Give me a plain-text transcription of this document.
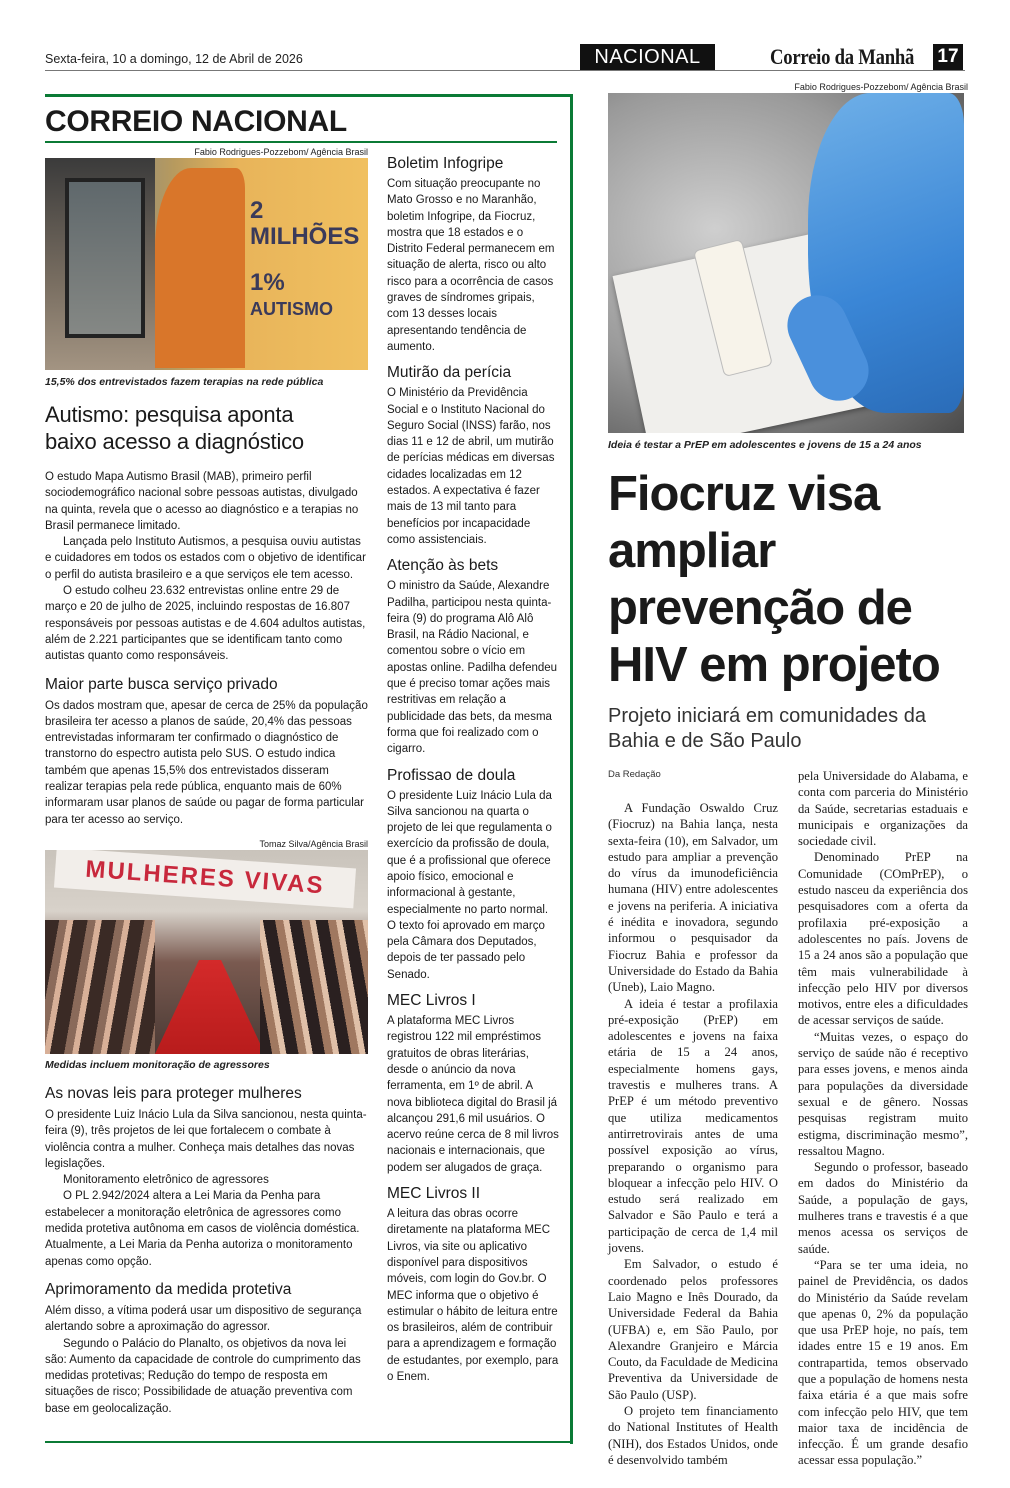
Sexta-feira, 10 a domingo, 12 de Abril de 2026	NACIONAL	Correio da Manhã 17
CORREIO NACIONAL
Fabio Rodrigues-Pozzebom/ Agência Brasil
2 MILHÕES
1%
AUTISMO
15,5% dos entrevistados fazem terapias na rede pública
Autismo: pesquisa aponta baixo acesso a diagnóstico

O estudo Mapa Autismo Brasil (MAB), primeiro perfil sociodemográfico nacional sobre pessoas autistas, divulgado na quinta, revela que o acesso ao diagnóstico e a terapias no Brasil permanece limitado.

Lançada pelo Instituto Autismos, a pesquisa ouviu autistas e cuidadores em todos os estados com o objetivo de identificar o perfil do autista brasileiro e a que serviços ele tem acesso.

O estudo colheu 23.632 entrevistas online entre 29 de março e 20 de julho de 2025, incluindo respostas de 16.807 responsáveis por pessoas autistas e de 4.604 adultos autistas, além de 2.221 participantes que se identificam tanto como autistas quanto como responsáveis.

Maior parte busca serviço privado

Os dados mostram que, apesar de cerca de 25% da população brasileira ter acesso a planos de saúde, 20,4% das pessoas entrevistadas informaram ter confirmado o diagnóstico de transtorno do espectro autista pelo SUS. O estudo indica também que apenas 15,5% dos entrevistados disseram realizar terapias pela rede pública, enquanto mais de 60% informaram usar planos de saúde ou pagar de forma particular para ter acesso ao serviço.

Tomaz Silva/Agência Brasil
MULHERES VIVAS
Medidas incluem monitoração de agressores
As novas leis para proteger mulheres

O presidente Luiz Inácio Lula da Silva sancionou, nesta quinta-feira (9), três projetos de lei que fortalecem o combate à violência contra a mulher. Conheça mais detalhes das novas legislações.

Monitoramento eletrônico de agressores

O PL 2.942/2024 altera a Lei Maria da Penha para estabelecer a monitoração eletrônica de agressores como medida protetiva autônoma em casos de violência doméstica. Atualmente, a Lei Maria da Penha autoriza o monitoramento apenas como opção.

Aprimoramento da medida protetiva

Além disso, a vítima poderá usar um dispositivo de segurança alertando sobre a aproximação do agressor.

Segundo o Palácio do Planalto, os objetivos da nova lei são: Aumento da capacidade de controle do cumprimento das medidas protetivas; Redução do tempo de resposta em situações de risco; Possibilidade de atuação preventiva com base em geolocalização.

Boletim Infogripe

Com situação preocupante no Mato Grosso e no Maranhão, boletim Infogripe, da Fiocruz, mostra que 18 estados e o Distrito Federal permanecem em situação de alerta, risco ou alto risco para a ocorrência de casos graves de síndromes gripais, com 13 desses locais apresentando tendência de aumento.

Mutirão da perícia

O Ministério da Previdência Social e o Instituto Nacional do Seguro Social (INSS) farão, nos dias 11 e 12 de abril, um mutirão de perícias médicas em diversas cidades localizadas em 12 estados. A expectativa é fazer mais de 13 mil tanto para benefícios por incapacidade como assistenciais.

Atenção às bets

O ministro da Saúde, Alexandre Padilha, participou nesta quinta-feira (9) do programa Alô Alô Brasil, na Rádio Nacional, e comentou sobre o vício em apostas online. Padilha defendeu que é preciso tomar ações mais restritivas em relação a publicidade das bets, da mesma forma que foi realizado com o cigarro.

Profissao de doula

O presidente Luiz Inácio Lula da Silva sancionou na quarta o projeto de lei que regulamenta o exercício da profissão de doula, que é a profissional que oferece apoio físico, emocional e informacional à gestante, especialmente no parto normal. O texto foi aprovado em março pela Câmara dos Deputados, depois de ter passado pelo Senado.

MEC Livros I

A plataforma MEC Livros registrou 122 mil empréstimos gratuitos de obras literárias, desde o anúncio da nova ferramenta, em 1º de abril. A nova biblioteca digital do Brasil já alcançou 291,6 mil usuários. O acervo reúne cerca de 8 mil livros nacionais e internacionais, que podem ser alugados de graça.

MEC Livros II

A leitura das obras ocorre diretamente na plataforma MEC Livros, via site ou aplicativo disponível para dispositivos móveis, com login do Gov.br. O MEC informa que o objetivo é estimular o hábito de leitura entre os brasileiros, além de contribuir para a aprendizagem e formação de estudantes, por exemplo, para o Enem.

Fabio Rodrigues-Pozzebom/ Agência Brasil
Ideia é testar a PrEP em adolescentes e jovens de 15 a 24 anos
Fiocruz visa ampliar prevenção de HIV em projeto
Projeto iniciará em comunidades da Bahia e de São Paulo
Da Redação

A Fundação Oswaldo Cruz (Fiocruz) na Bahia lança, nesta sexta-feira (10), em Salvador, um estudo para ampliar a prevenção do vírus da imunodeficiência humana (HIV) entre adolescentes e jovens na periferia. A iniciativa é inédita e inovadora, segundo informou o pesquisador da Fiocruz Bahia e professor da Universidade do Estado da Bahia (Uneb), Laio Magno.

A ideia é testar a profilaxia pré-exposição (PrEP) em adolescentes e jovens na faixa etária de 15 a 24 anos, especialmente homens gays, travestis e mulheres trans. A PrEP é um método preventivo que utiliza medicamentos antirretrovirais antes de uma possível exposição ao vírus, preparando o organismo para bloquear a infecção pelo HIV. O estudo será realizado em Salvador e São Paulo e terá a participação de cerca de 1,4 mil jovens.

Em Salvador, o estudo é coordenado pelos professores Laio Magno e Inês Dourado, da Universidade Federal da Bahia (UFBA) e, em São Paulo, por Alexandre Granjeiro e Márcia Couto, da Faculdade de Medicina Preventiva da Universidade de São Paulo (USP).

O projeto tem financiamento do National Institutes of Health (NIH), dos Estados Unidos, onde é desenvolvido também

pela Universidade do Alabama, e conta com parceria do Ministério da Saúde, secretarias estaduais e municipais e organizações da sociedade civil.

Denominado PrEP na Comunidade (COmPrEP), o estudo nasceu da experiência dos pesquisadores com a oferta da profilaxia pré-exposição a adolescentes no país. Jovens de 15 a 24 anos são a população que têm mais vulnerabilidade à infecção pelo HIV por diversos motivos, entre eles a dificuldades de acessar serviços de saúde.

“Muitas vezes, o espaço do serviço de saúde não é receptivo para esses jovens, e menos ainda para populações da diversidade sexual e de gênero. Nossas pesquisas registram muito estigma, discriminação mesmo”, ressaltou Magno.

Segundo o professor, baseado em dados do Ministério da Saúde, a população de gays, mulheres trans e travestis é a que menos acessa os serviços de saúde.

“Para se ter uma ideia, no painel de Previdência, os dados do Ministério da Saúde revelam que apenas 0, 2% da população que usa PrEP hoje, no país, tem idades entre 15 e 19 anos. Em contrapartida, temos observado que a população de homens nesta faixa etária é a que mais sofre com infecção pelo HIV, que tem maior taxa de incidência de infecção. É um grande desafio acessar essa população.”
